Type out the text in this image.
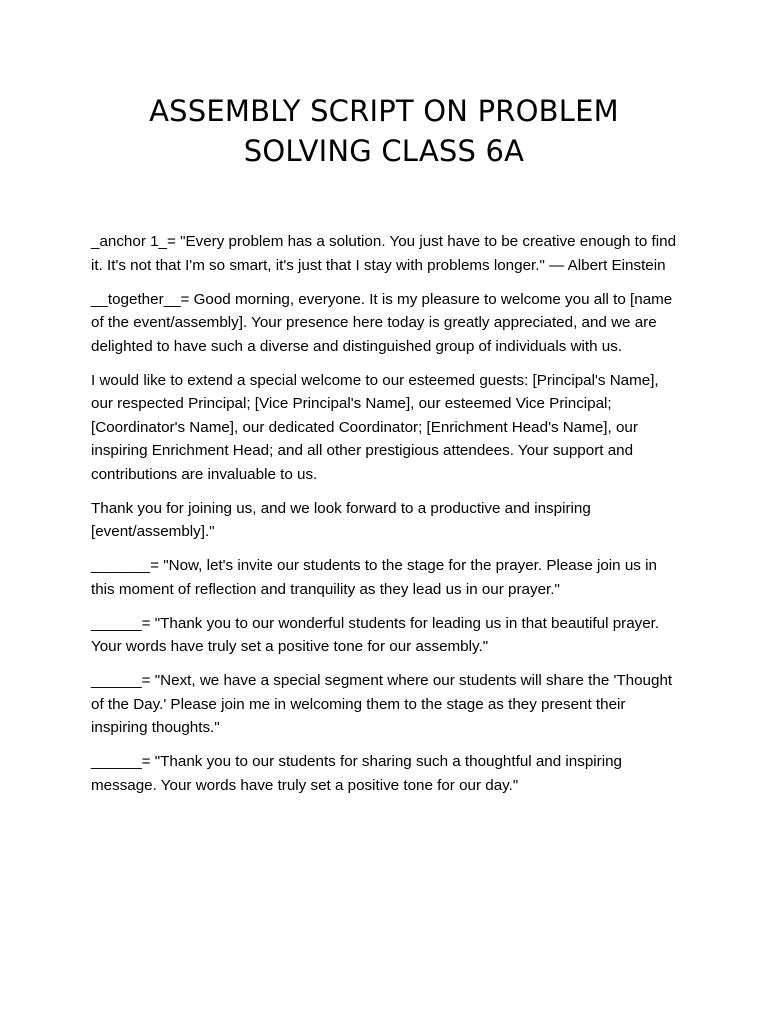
ASSEMBLY SCRIPT ON PROBLEM SOLVING CLASS 6A

_anchor 1_= "Every problem has a solution. You just have to be creative enough to find it. It's not that I'm so smart, it's just that I stay with problems longer." — Albert Einstein

__together__= Good morning, everyone. It is my pleasure to welcome you all to [name of the event/assembly]. Your presence here today is greatly appreciated, and we are delighted to have such a diverse and distinguished group of individuals with us.

I would like to extend a special welcome to our esteemed guests: [Principal's Name], our respected Principal; [Vice Principal's Name], our esteemed Vice Principal; [Coordinator's Name], our dedicated Coordinator; [Enrichment Head's Name], our inspiring Enrichment Head; and all other prestigious attendees. Your support and contributions are invaluable to us.

Thank you for joining us, and we look forward to a productive and inspiring [event/assembly]."

_______= "Now, let's invite our students to the stage for the prayer. Please join us in this moment of reflection and tranquility as they lead us in our prayer."

______= "Thank you to our wonderful students for leading us in that beautiful prayer. Your words have truly set a positive tone for our assembly."

______= "Next, we have a special segment where our students will share the 'Thought of the Day.' Please join me in welcoming them to the stage as they present their inspiring thoughts."

______= "Thank you to our students for sharing such a thoughtful and inspiring message. Your words have truly set a positive tone for our day."
